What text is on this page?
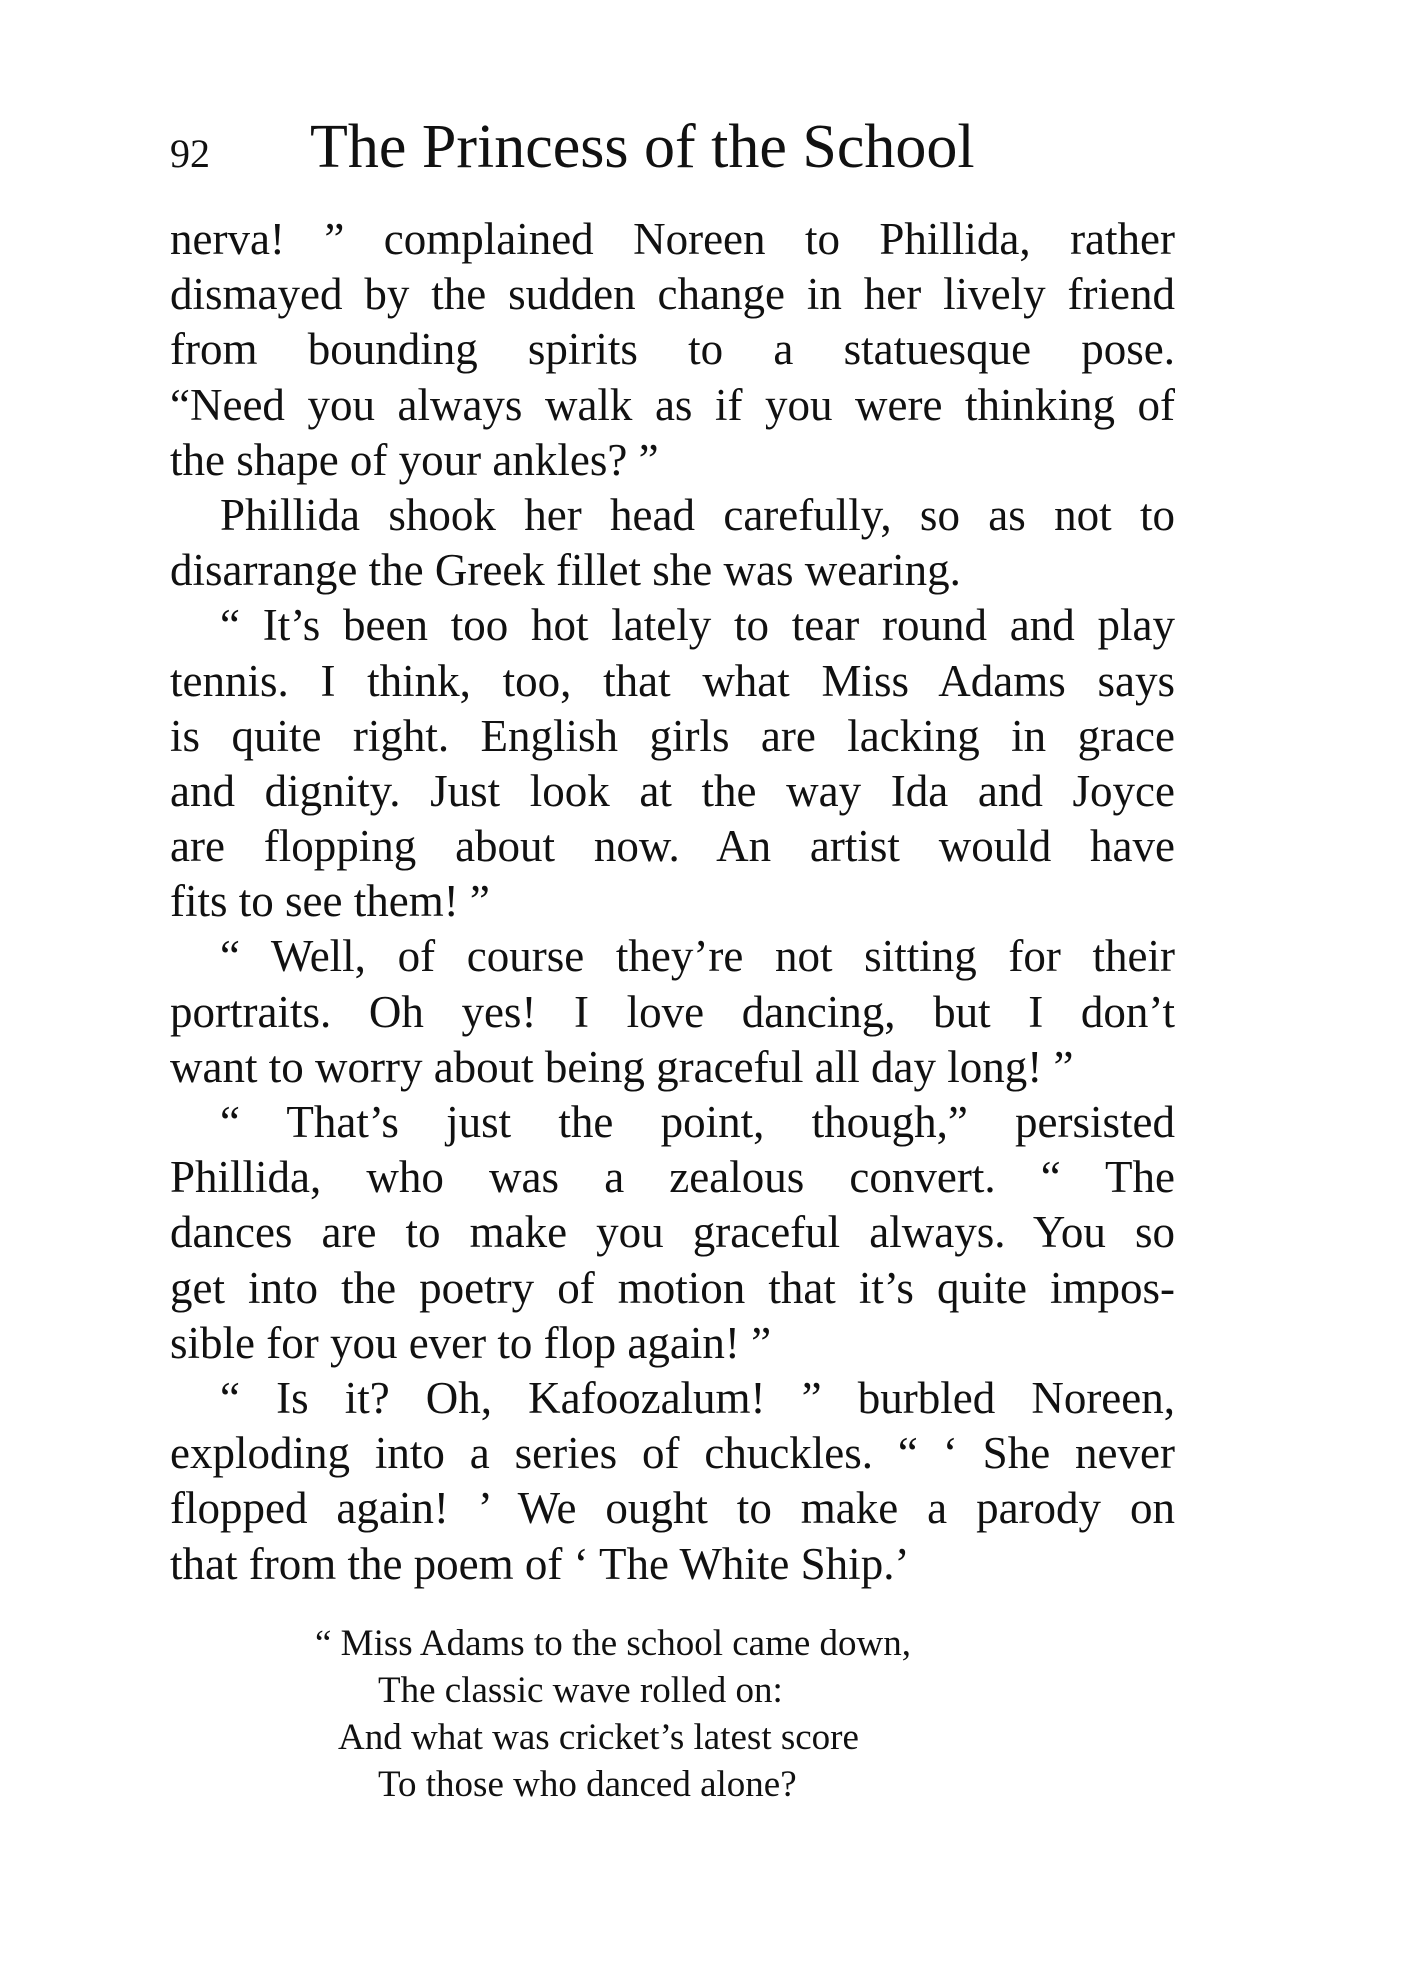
92 The Princess of the School
nerva! ” complained Noreen to Phillida, rather
dismayed by the sudden change in her lively friend
from bounding spirits to a statuesque pose.
“Need you always walk as if you were thinking of
the shape of your ankles? ”
Phillida shook her head carefully, so as not to
disarrange the Greek fillet she was wearing.
“ It’s been too hot lately to tear round and play
tennis. I think, too, that what Miss Adams says
is quite right. English girls are lacking in grace
and dignity. Just look at the way Ida and Joyce
are flopping about now. An artist would have
fits to see them! ”
“ Well, of course they’re not sitting for their
portraits. Oh yes! I love dancing, but I don’t
want to worry about being graceful all day long! ”
“ That’s just the point, though,” persisted
Phillida, who was a zealous convert. “ The
dances are to make you graceful always. You so
get into the poetry of motion that it’s quite impos-
sible for you ever to flop again! ”
“ Is it? Oh, Kafoozalum! ” burbled Noreen,
exploding into a series of chuckles. “ ‘ She never
flopped again! ’ We ought to make a parody on
that from the poem of ‘ The White Ship.’
“ Miss Adams to the school came down,
The classic wave rolled on:
And what was cricket’s latest score
To those who danced alone?
